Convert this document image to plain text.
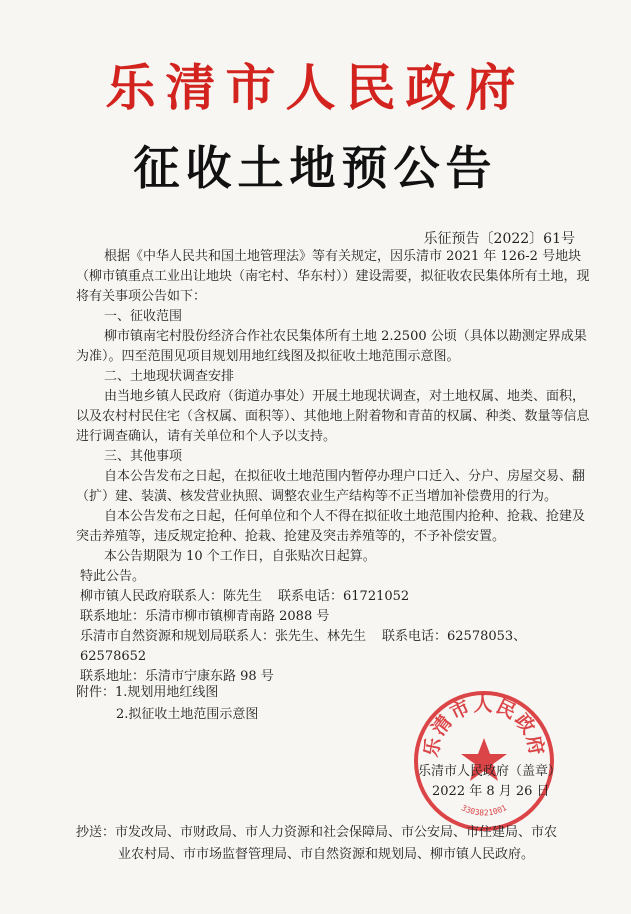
乐清市人民政府
征收土地预公告
乐征预告〔2022〕61号

根据《中华人民共和国土地管理法》等有关规定，因乐清市 2021 年 126-2 号地块（柳市镇重点工业出让地块（南宅村、华东村））建设需要，拟征收农民集体所有土地，现将有关事项公告如下：

一、征收范围

柳市镇南宅村股份经济合作社农民集体所有土地 2.2500 公顷（具体以勘测定界成果为准）。四至范围见项目规划用地红线图及拟征收土地范围示意图。

二、土地现状调查安排

由当地乡镇人民政府（街道办事处）开展土地现状调查，对土地权属、地类、面积，以及农村村民住宅（含权属、面积等）、其他地上附着物和青苗的权属、种类、数量等信息进行调查确认，请有关单位和个人予以支持。

三、其他事项

自本公告发布之日起，在拟征收土地范围内暂停办理户口迁入、分户、房屋交易、翻（扩）建、装潢、核发营业执照、调整农业生产结构等不正当增加补偿费用的行为。

自本公告发布之日起，任何单位和个人不得在拟征收土地范围内抢种、抢栽、抢建及突击养殖等，违反规定抢种、抢栽、抢建及突击养殖等的，不予补偿安置。

本公告期限为 10 个工作日，自张贴次日起算。

特此公告。

柳市镇人民政府联系人：陈先生 联系电话：61721052

联系地址：乐清市柳市镇柳青南路 2088 号

乐清市自然资源和规划局联系人：张先生、林先生 联系电话：62578053、62578652

联系地址：乐清市宁康东路 98 号

附件：1.规划用地红线图
2.拟征收土地范围示意图
乐清市人民政府
3303821001
乐清市人民政府（盖章）
2022 年 8 月 26 日
抄送：市发改局、市财政局、市人力资源和社会保障局、市公安局、市住建局、市农
业农村局、市市场监督管理局、市自然资源和规划局、柳市镇人民政府。
